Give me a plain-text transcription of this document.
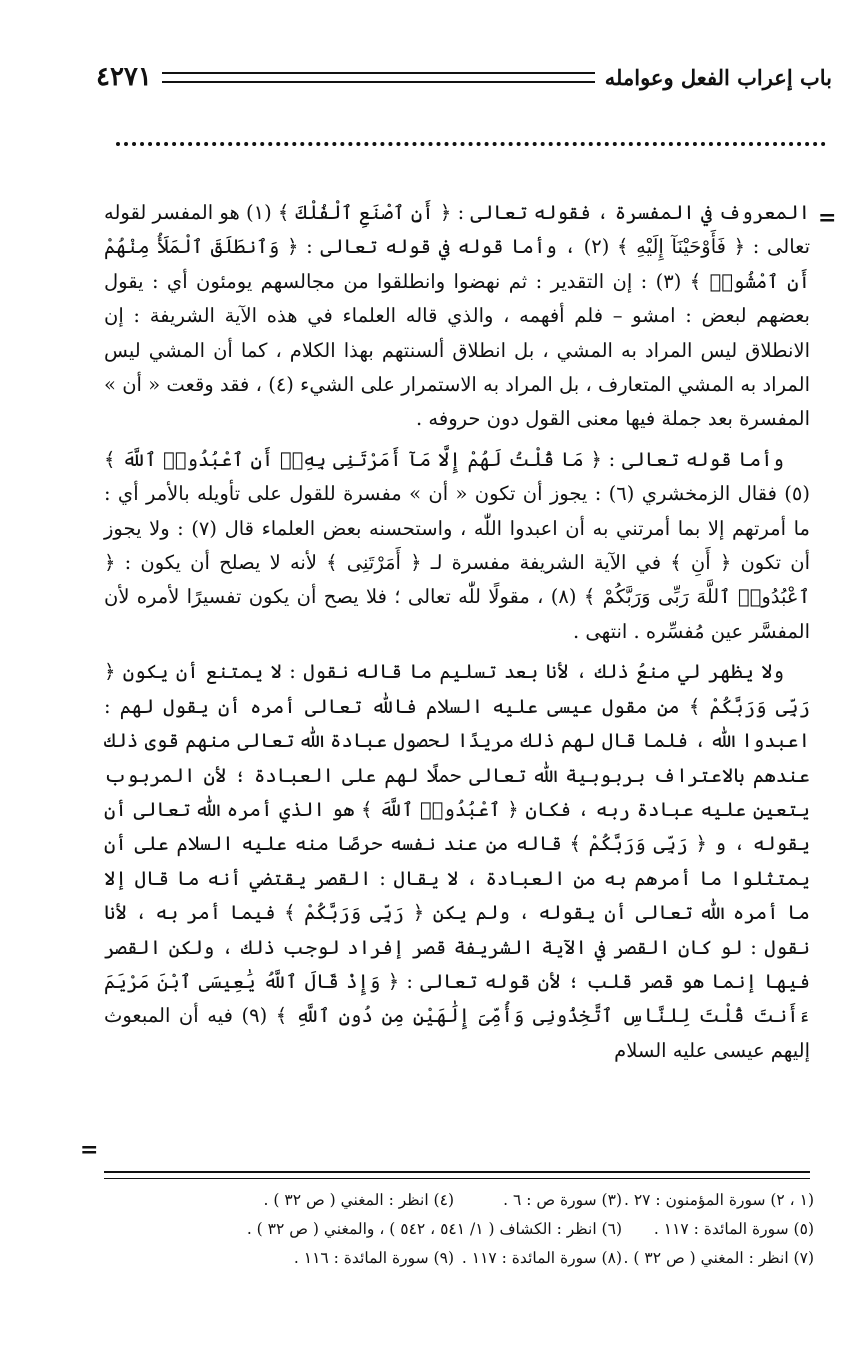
باب إعراب الفعل وعوامله
٤٢٧١
=

المعروف في المفسرة ، فقوله تعالى : ﴿ أَنِ ٱصْنَعِ ٱلْفُلْكَ ﴾ (١) هو المفسر لقوله تعالى : ﴿ فَأَوْحَيْنَآ إِلَيْهِ ﴾ (٢) ، وأما قوله في قوله تعالى : ﴿ وَٱنطَلَقَ ٱلْمَلَأُ مِنْهُمْ أَنِ ٱمْشُوا۟ ﴾ (٣) : إن التقدير : ثم نهضوا وانطلقوا من مجالسهم يومئون أي : يقول بعضهم لبعض : امشو – فلم أفهمه ، والذي قاله العلماء في هذه الآية الشريفة : إن الانطلاق ليس المراد به المشي ، بل انطلاق ألسنتهم بهذا الكلام ، كما أن المشي ليس المراد به المشي المتعارف ، بل المراد به الاستمرار على الشيء (٤) ، فقد وقعت « أن » المفسرة بعد جملة فيها معنى القول دون حروفه .

وأما قوله تعالى : ﴿ مَا قُلْتُ لَهُمْ إِلَّا مَآ أَمَرْتَنِى بِهِۦٓ أَنِ ٱعْبُدُوا۟ ٱللَّهَ ﴾ (٥) فقال الزمخشري (٦) : يجوز أن تكون « أن » مفسرة للقول على تأويله بالأمر أي : ما أمرتهم إلا بما أمرتني به أن اعبدوا اللّٰه ، واستحسنه بعض العلماء قال (٧) : ولا يجوز أن تكون ﴿ أَنِ ﴾ في الآية الشريفة مفسرة لـ ﴿ أَمَرْتَنِى ﴾ لأنه لا يصلح أن يكون : ﴿ ٱعْبُدُوا۟ ٱللَّهَ رَبِّى وَرَبَّكُمْ ﴾ (٨) ، مقولًا للّٰه تعالى ؛ فلا يصح أن يكون تفسيرًا لأمره لأن المفسَّر عين مُفسِّره . انتهى .

ولا يظهر لي منعُ ذلك ، لأنا بعد تسليم ما قاله نقول : لا يمتنع أن يكون ﴿ رَبِّى وَرَبَّكُمْ ﴾ من مقول عيسى عليه السلام فاللّٰه تعالى أمره أن يقول لهم : اعبدوا اللّٰه ، فلما قال لهم ذلك مريدًا لحصول عبادة اللّٰه تعالى منهم قوى ذلك عندهم بالاعتراف بربوبية اللّٰه تعالى حملًا لهم على العبادة ؛ لأن المربوب يتعين عليه عبادة ربه ، فكان ﴿ ٱعْبُدُوا۟ ٱللَّهَ ﴾ هو الذي أمره اللّٰه تعالى أن يقوله ، و ﴿ رَبِّى وَرَبَّكُمْ ﴾ قاله من عند نفسه حرصًا منه عليه السلام على أن يمتثلوا ما أمرهم به من العبادة ، لا يقال : القصر يقتضي أنه ما قال إلا ما أمره اللّٰه تعالى أن يقوله ، ولم يكن ﴿ رَبِّى وَرَبَّكُمْ ﴾ فيما أمر به ، لأنا نقول : لو كان القصر في الآية الشريفة قصر إفراد لوجب ذلك ، ولكن القصر فيها إنما هو قصر قلب ؛ لأن قوله تعالى : ﴿ وَإِذْ قَالَ ٱللَّهُ يَٰعِيسَى ٱبْنَ مَرْيَمَ ءَأَنتَ قُلْتَ لِلنَّاسِ ٱتَّخِذُونِى وَأُمِّىَ إِلَٰهَيْنِ مِن دُونِ ٱللَّهِ ﴾ (٩) فيه أن المبعوث إليهم عيسى عليه السلام

=
(١ ، ٢) سورة المؤمنون : ٢٧ .
(٣) سورة ص : ٦ .
(٤) انظر : المغني ( ص ٣٢ ) .
(٥) سورة المائدة : ١١٧ .
(٦) انظر : الكشاف ( ١/ ٥٤١ ، ٥٤٢ ) ، والمغني ( ص ٣٢ ) .
(٧) انظر : المغني ( ص ٣٢ ) .
(٨) سورة المائدة : ١١٧ .
(٩) سورة المائدة : ١١٦ .
